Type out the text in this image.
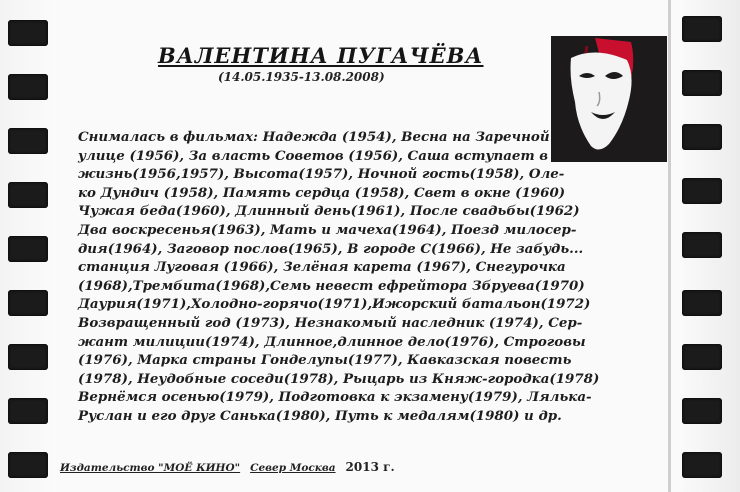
ВАЛЕНТИНА ПУГАЧЁВА
(14.05.1935-13.08.2008)
Снималась в фильмах: Надежда (1954), Весна на Заречной
улице (1956), За власть Советов (1956), Саша вступает в
жизнь(1956,1957), Высота(1957), Ночной гость(1958), Оле-
ко Дундич (1958), Память сердца (1958), Свет в окне (1960)
Чужая беда(1960), Длинный день(1961), После свадьбы(1962)
Два воскресенья(1963), Мать и мачеха(1964), Поезд милосер-
дия(1964), Заговор послов(1965), В городе С(1966), Не забудь...
станция Луговая (1966), Зелёная карета (1967), Снегурочка
(1968),Трембита(1968),Семь невест ефрейтора Збруева(1970)
Даурия(1971),Холодно-горячо(1971),Ижорский батальон(1972)
Возвращенный год (1973), Незнакомый наследник (1974), Сер-
жант милиции(1974), Длинное,длинное дело(1976), Строговы
(1976), Марка страны Гонделупы(1977), Кавказская повесть
(1978), Неудобные соседи(1978), Рыцарь из Княж-городка(1978)
Вернёмся осенью(1979), Подготовка к экзамену(1979), Лялька-
Руслан и его друг Санька(1980), Путь к медалям(1980) и др.
Издательство "МОЁ КИНО" Север Москва 2013 г.
